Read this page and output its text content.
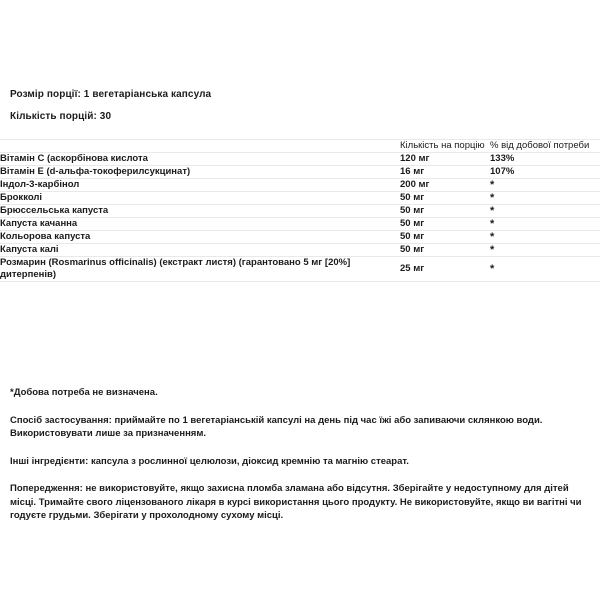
Розмір порції: 1 вегетаріанська капсула

Кількість порцій: 30

	Кількість на порцію	% від добової потреби
Вітамін С (аскорбінова кислота	120 мг	133%
Вітамін Е (d-альфа-токоферилсукцинат)	16 мг	107%
Індол-3-карбінол	200 мг	*
Брокколі	50 мг	*
Брюссельська капуста	50 мг	*
Капуста качанна	50 мг	*
Кольорова капуста	50 мг	*
Капуста калі	50 мг	*
Розмарин (Rosmarinus officinalis) (екстракт листя) (гарантовано 5 мг [20%] дитерпенів)	25 мг	*

*Добова потреба не визначена.

Спосіб застосування: приймайте по 1 вегетаріанській капсулі на день під час їжі або запиваючи склянкою води. Використовувати лише за призначенням.

Інші інгредієнти: капсула з рослинної целюлози, діоксид кремнію та магнію стеарат.

Попередження: не використовуйте, якщо захисна пломба зламана або відсутня. Зберігайте у недоступному для дітей місці. Тримайте свого ліцензованого лікаря в курсі використання цього продукту. Не використовуйте, якщо ви вагітні чи годуєте грудьми. Зберігати у прохолодному сухому місці.
